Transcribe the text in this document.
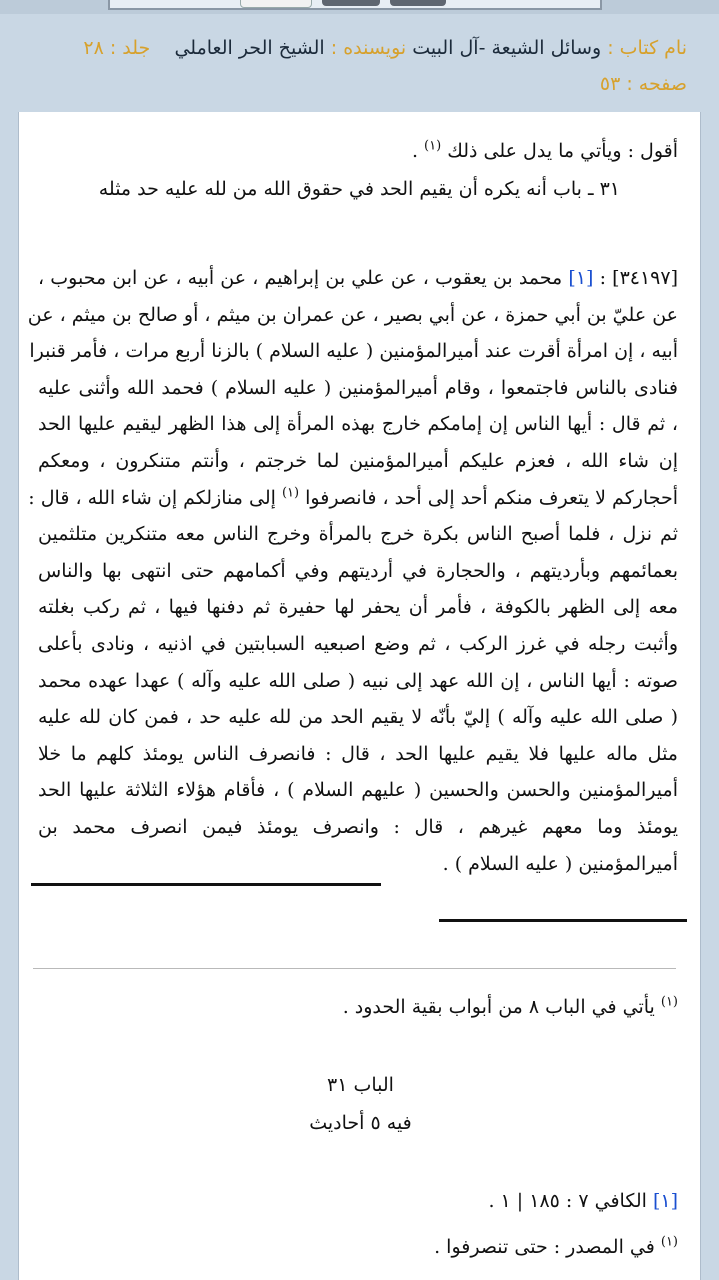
نام کتاب : وسائل الشيعة -آل البيت نويسنده : الشيخ الحر العاملي    جلد : ٢٨   صفحه : ٥٣
أقول : ويأتي ما يدل على ذلك $^{(١)}$ .
٣١ ـ باب أنه يكره أن يقيم الحد في حقوق الله من لله عليه حد مثله
[٣٤١٩٧] : [١] محمد بن يعقوب ، عن علي بن إبراهيم ، عن أبيه ، عن ابن محبوب ،
عن عليّ بن أبي حمزة ، عن أبي بصير ، عن عمران بن ميثم ، أو صالح بن ميثم ، عن
أبيه ، إن امرأة أقرت عند أميرالمؤمنين ( عليه السلام ) بالزنا أربع مرات ، فأمر قنبرا
فنادى بالناس فاجتمعوا ، وقام أميرالمؤمنين ( عليه السلام ) فحمد الله وأثنى عليه
، ثم قال : أيها الناس إن إمامكم خارج بهذه المرأة إلى هذا الظهر ليقيم عليها الحد
إن شاء الله ، فعزم عليكم أميرالمؤمنين لما خرجتم ، وأنتم متنكرون ، ومعكم
أحجاركم لا يتعرف منكم أحد إلى أحد ، فانصرفوا $^{(١)}$ إلى منازلكم إن شاء الله ، قال :
ثم نزل ، فلما أصبح الناس بكرة خرج بالمرأة وخرج الناس معه متنكرين متلثمين
بعمائمهم وبأرديتهم ، والحجارة في أرديتهم وفي أكمامهم حتى انتهى بها والناس
معه إلى الظهر بالكوفة ، فأمر أن يحفر لها حفيرة ثم دفنها فيها ، ثم ركب بغلته
وأثبت رجله في غرز الركب ، ثم وضع اصبعيه السبابتين في اذنيه ، ونادى بأعلى
صوته : أيها الناس ، إن الله عهد إلى نبيه ( صلى الله عليه وآله ) عهدا عهده محمد
( صلى الله عليه وآله ) إليّ بأنّه لا يقيم الحد من لله عليه حد ، فمن كان لله عليه
مثل ماله عليها فلا يقيم عليها الحد ، قال : فانصرف الناس يومئذ كلهم ما خلا
أميرالمؤمنين والحسن والحسين ( عليهم السلام ) ، فأقام هؤلاء الثلاثة عليها الحد
يومئذ وما معهم غيرهم ، قال : وانصرف يومئذ فيمن انصرف محمد بن
أميرالمؤمنين ( عليه السلام ) .
$^{(١)}$ يأتي في الباب ٨ من أبواب بقية الحدود .
الباب ٣١
فيه ٥ أحاديث
[١] الكافي ٧ : ١٨٥ | ١ .
$^{(١)}$ في المصدر : حتى تنصرفوا .
